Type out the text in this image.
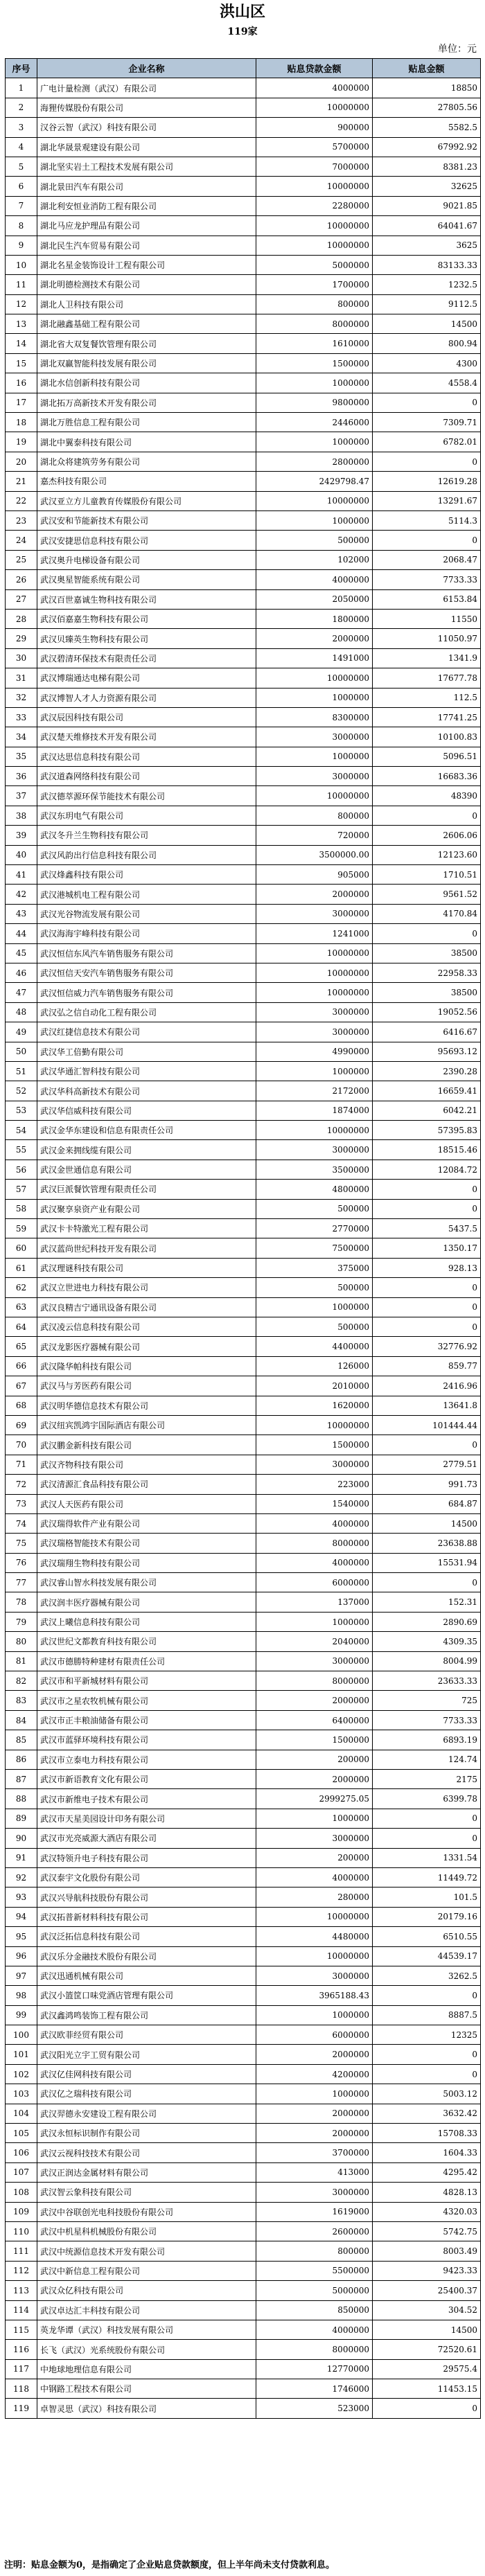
洪山区
119家
单位：元
序号	企业名称	贴息贷款金额	贴息金额
1	广电计量检测（武汉）有限公司	4000000	18850
2	海狸传媒股份有限公司	10000000	27805.56
3	汉谷云智（武汉）科技有限公司	900000	5582.5
4	湖北华晟景观建设有限公司	5700000	67992.92
5	湖北坚实岩土工程技术发展有限公司	7000000	8381.23
6	湖北景田汽车有限公司	10000000	32625
7	湖北利安恒业消防工程有限公司	2280000	9021.85
8	湖北马应龙护理品有限公司	10000000	64041.67
9	湖北民生汽车贸易有限公司	10000000	3625
10	湖北名星金装饰设计工程有限公司	5000000	83133.33
11	湖北明德检测技术有限公司	1700000	1232.5
12	湖北人卫科技有限公司	800000	9112.5
13	湖北融鑫基础工程有限公司	8000000	14500
14	湖北省大双复餐饮管理有限公司	1610000	800.94
15	湖北双赢智能科技发展有限公司	1500000	4300
16	湖北水信创新科技有限公司	1000000	4558.4
17	湖北拓万高新技术开发有限公司	9800000	0
18	湖北万胜信息工程有限公司	2446000	7309.71
19	湖北中翼泰科技有限公司	1000000	6782.01
20	湖北众将建筑劳务有限公司	2800000	0
21	嘉杰科技有限公司	2429798.47	12619.28
22	武汉亚立方儿童教育传媒股份有限公司	10000000	13291.67
23	武汉安和节能新技术有限公司	1000000	5114.3
24	武汉安捷思信息科技有限公司	500000	0
25	武汉奥升电梯设备有限公司	102000	2068.47
26	武汉奥星智能系统有限公司	4000000	7733.33
27	武汉百世嘉诚生物科技有限公司	2050000	6153.84
28	武汉佰嘉嘉生物科技有限公司	1800000	11550
29	武汉贝臻英生物科技有限公司	2000000	11050.97
30	武汉碧清环保技术有限责任公司	1491000	1341.9
31	武汉博瑞通达电梯有限公司	10000000	17677.78
32	武汉博智人才人力资源有限公司	1000000	112.5
33	武汉辰因科技有限公司	8300000	17741.25
34	武汉楚天维修技术开发有限公司	3000000	10100.83
35	武汉达思信息科技有限公司	1000000	5096.51
36	武汉道森网络科技有限公司	3000000	16683.36
37	武汉德萃源环保节能技术有限公司	10000000	48390
38	武汉东玥电气有限公司	800000	0
39	武汉冬升兰生物科技有限公司	720000	2606.06
40	武汉风韵出行信息科技有限公司	3500000.00	12123.60
41	武汉烽鑫科技有限公司	905000	1710.51
42	武汉港城机电工程有限公司	2000000	9561.52
43	武汉光谷物流发展有限公司	3000000	4170.84
44	武汉海海宇峰科技有限公司	1241000	0
45	武汉恒信东风汽车销售服务有限公司	10000000	38500
46	武汉恒信天安汽车销售服务有限公司	10000000	22958.33
47	武汉恒信威力汽车销售服务有限公司	10000000	38500
48	武汉弘之信自动化工程有限公司	3000000	19052.56
49	武汉红捷信息技术有限公司	3000000	6416.67
50	武汉华工倍勤有限公司	4990000	95693.12
51	武汉华通汇智科技有限公司	1000000	2390.28
52	武汉华科高新技术有限公司	2172000	16659.41
53	武汉华信威科技有限公司	1874000	6042.21
54	武汉金华东建设和信息有限责任公司	10000000	57395.83
55	武汉金来拥线缆有限公司	3000000	18515.46
56	武汉金世通信息有限公司	3500000	12084.72
57	武汉巨派餐饮管理有限责任公司	4800000	0
58	武汉聚享泉资产业有限公司	500000	0
59	武汉卡卡特激光工程有限公司	2770000	5437.5
60	武汉蓝尚世纪科技开发有限公司	7500000	1350.17
61	武汉理谜科技有限公司	375000	928.13
62	武汉立世进电力科技有限公司	500000	0
63	武汉良精吉宁通讯设备有限公司	1000000	0
64	武汉凌云信息科技有限公司	500000	0
65	武汉龙影医疗器械有限公司	4400000	32776.92
66	武汉隆华帕科技有限公司	126000	859.77
67	武汉马与芳医药有限公司	2010000	2416.96
68	武汉明华德信息技术有限公司	1620000	13641.8
69	武汉纽宾凯鸿宇国际酒店有限公司	10000000	101444.44
70	武汉鹏金新科技有限公司	1500000	0
71	武汉齐物科技有限公司	3000000	2779.51
72	武汉清源汇食品科技有限公司	223000	991.73
73	武汉人天医药有限公司	1540000	684.87
74	武汉瑞得软件产业有限公司	4000000	14500
75	武汉瑞格智能技术有限公司	8000000	23638.88
76	武汉瑞翔生物科技有限公司	4000000	15531.94
77	武汉睿山智水科技发展有限公司	6000000	0
78	武汉润丰医疗器械有限公司	137000	152.31
79	武汉上曦信息科技有限公司	1000000	2890.69
80	武汉世纪文都教育科技有限公司	2040000	4309.35
81	武汉市德勝特种建材有限责任公司	3000000	8004.99
82	武汉市和平新城材料有限公司	8000000	23633.33
83	武汉市之星农牧机械有限公司	2000000	725
84	武汉市正丰粮油储备有限公司	6400000	7733.33
85	武汉市蓝驿环境科技有限公司	1500000	6893.19
86	武汉市立泰电力科技有限公司	200000	124.74
87	武汉市新语教育文化有限公司	2000000	2175
88	武汉市新维电子技术有限公司	2999275.05	6399.78
89	武汉市天星美园设计印务有限公司	1000000	0
90	武汉市光亮威源大酒店有限公司	3000000	0
91	武汉特领升电子科技有限公司	200000	1331.54
92	武汉泰宇文化股份有限公司	4000000	11449.72
93	武汉兴导航科技股份有限公司	280000	101.5
94	武汉拓普新材料科技有限公司	10000000	20179.16
95	武汉泛拓信息科技有限公司	4480000	6510.55
96	武汉乐分金融技术股份有限公司	10000000	44539.17
97	武汉迅通机械有限公司	3000000	3262.5
98	武汉小篮筐口味党酒店管理有限公司	3965188.43	0
99	武汉鑫鸿鸣装饰工程有限公司	1000000	8887.5
100	武汉欧菲经贸有限公司	6000000	12325
101	武汉阳光立宇工贸有限公司	2000000	0
102	武汉亿佳网科技有限公司	4200000	0
103	武汉亿之瑞科技有限公司	1000000	5003.12
104	武汉羿德永安建设工程有限公司	2000000	3632.42
105	武汉永恒标识制作有限公司	2000000	15708.33
106	武汉云视科技技术有限公司	3700000	1604.33
107	武汉正润达金属材料有限公司	413000	4295.42
108	武汉智云象科技有限公司	3000000	4828.13
109	武汉中谷联创光电科技股份有限公司	1619000	4320.03
110	武汉中机星科机械股份有限公司	2600000	5742.75
111	武汉中统源信息技术开发有限公司	800000	8003.49
112	武汉中新信息工程有限公司	5500000	9423.33
113	武汉众亿科技有限公司	5000000	25400.37
114	武汉卓达汇丰科技有限公司	850000	304.52
115	英龙华谭（武汉）科技发展有限公司	4000000	14500
116	长飞（武汉）光系统股份有限公司	8000000	72520.61
117	中地球地理信息有限公司	12770000	29575.4
118	中钢路工程技术有限公司	1746000	11453.15
119	卓智灵思（武汉）科技有限公司	523000	0
注明：贴息金额为0，是指确定了企业贴息贷款额度，但上半年尚未支付贷款利息。
